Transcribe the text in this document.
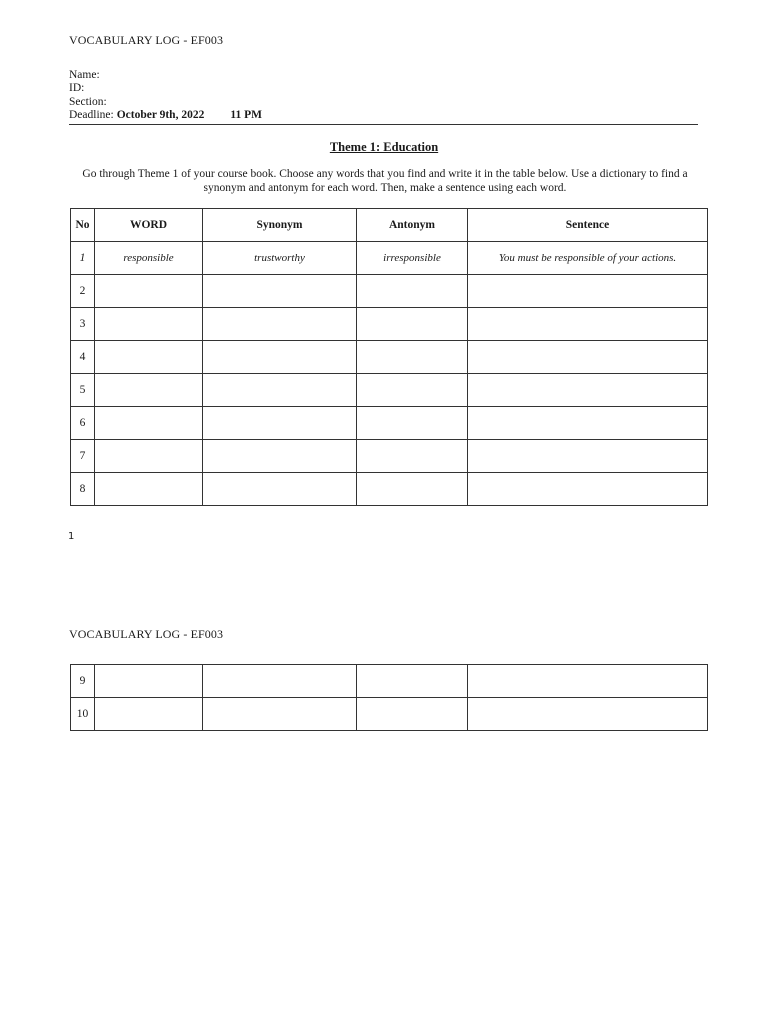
VOCABULARY LOG - EF003
Name:
ID:
Section:
Deadline: October 9th, 2022 11 PM
Theme 1: Education
Go through Theme 1 of your course book. Choose any words that you find and write it in the table below. Use a dictionary to find a synonym and antonym for each word. Then, make a sentence using each word.
No	WORD	Synonym	Antonym	Sentence
1	responsible	trustworthy	irresponsible	You must be responsible of your actions.
2				
3				
4				
5				
6				
7				
8				
1
VOCABULARY LOG - EF003
9				
10				
